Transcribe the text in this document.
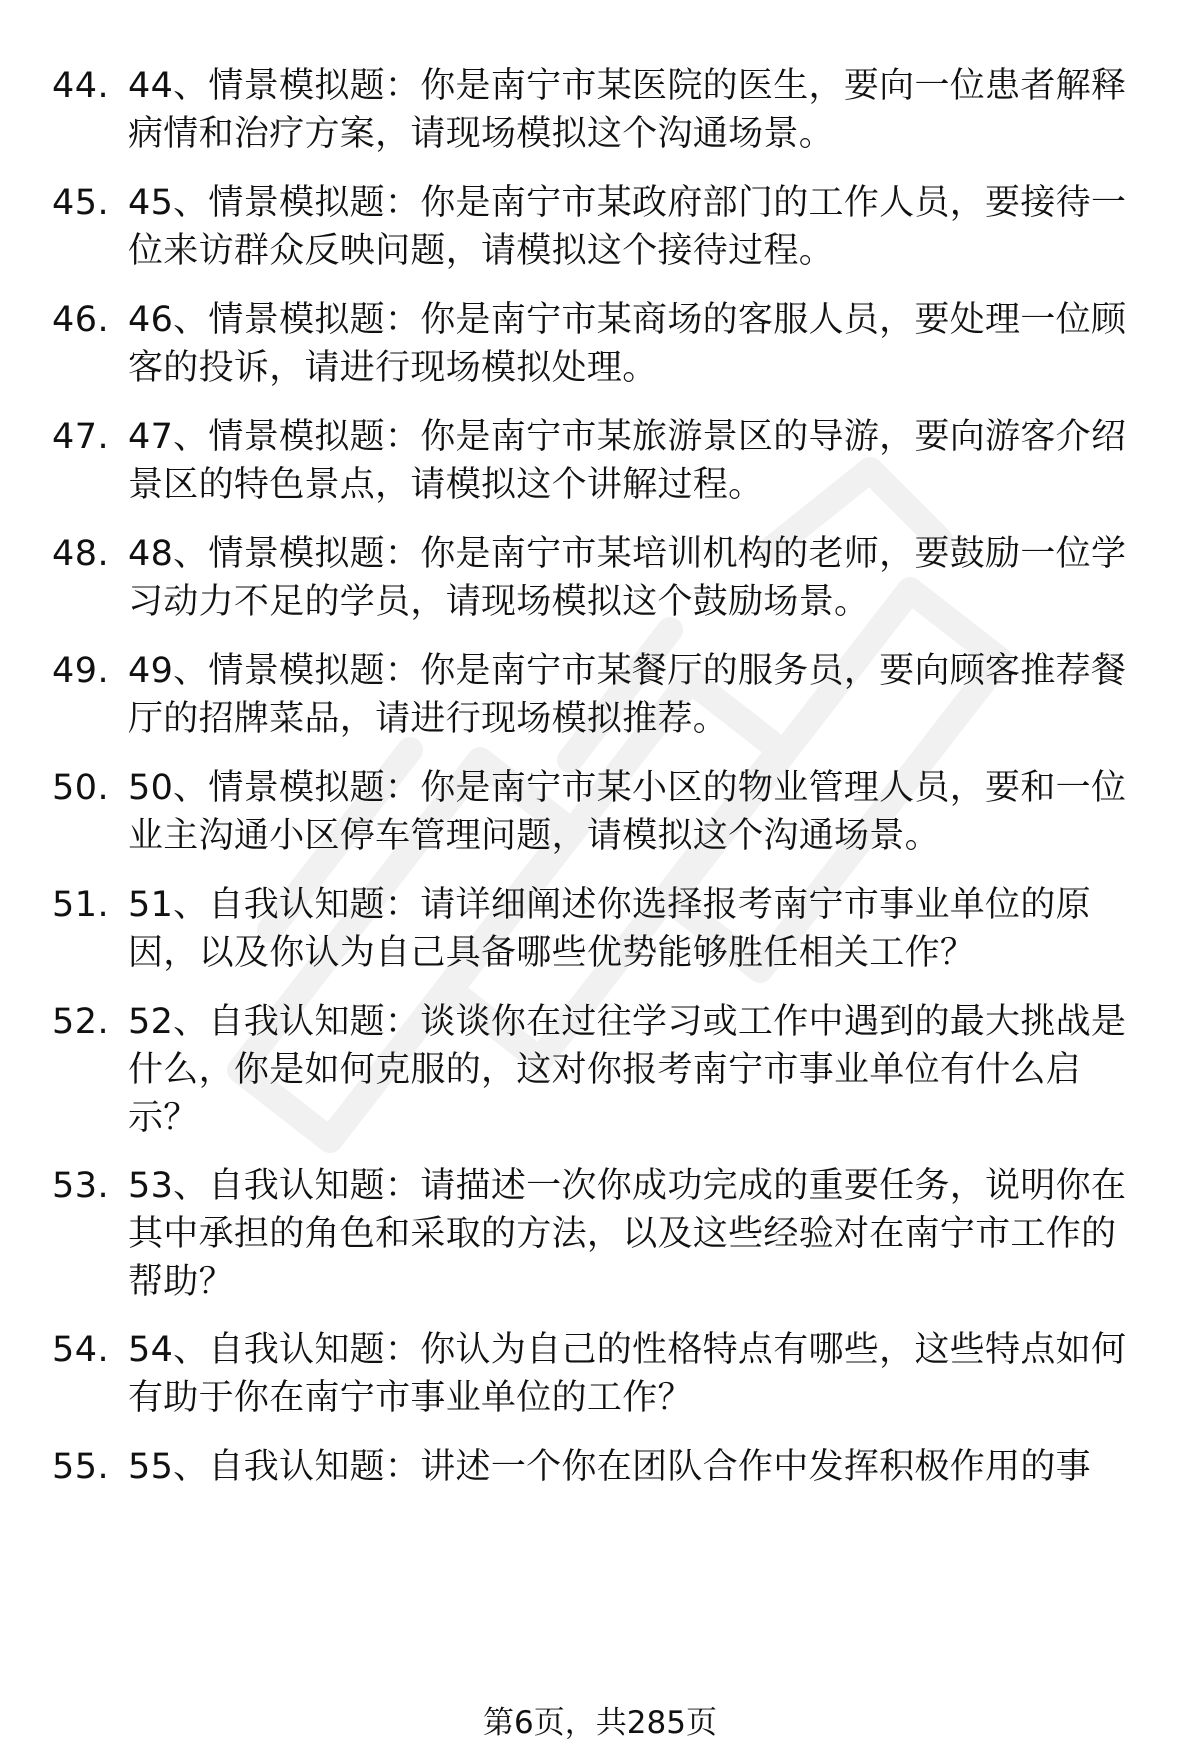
44. 44、情景模拟题：你是南宁市某医院的医生，要向一位患者解释病情和治疗方案，请现场模拟这个沟通场景。
45. 45、情景模拟题：你是南宁市某政府部门的工作人员，要接待一位来访群众反映问题，请模拟这个接待过程。
46. 46、情景模拟题：你是南宁市某商场的客服人员，要处理一位顾客的投诉，请进行现场模拟处理。
47. 47、情景模拟题：你是南宁市某旅游景区的导游，要向游客介绍景区的特色景点，请模拟这个讲解过程。
48. 48、情景模拟题：你是南宁市某培训机构的老师，要鼓励一位学习动力不足的学员，请现场模拟这个鼓励场景。
49. 49、情景模拟题：你是南宁市某餐厅的服务员，要向顾客推荐餐厅的招牌菜品，请进行现场模拟推荐。
50. 50、情景模拟题：你是南宁市某小区的物业管理人员，要和一位业主沟通小区停车管理问题，请模拟这个沟通场景。
51. 51、自我认知题：请详细阐述你选择报考南宁市事业单位的原因，以及你认为自己具备哪些优势能够胜任相关工作？
52. 52、自我认知题：谈谈你在过往学习或工作中遇到的最大挑战是什么，你是如何克服的，这对你报考南宁市事业单位有什么启示？
53. 53、自我认知题：请描述一次你成功完成的重要任务，说明你在其中承担的角色和采取的方法，以及这些经验对在南宁市工作的帮助？
54. 54、自我认知题：你认为自己的性格特点有哪些，这些特点如何有助于你在南宁市事业单位的工作？
55. 55、自我认知题：讲述一个你在团队合作中发挥积极作用的事
第6页，共285页
